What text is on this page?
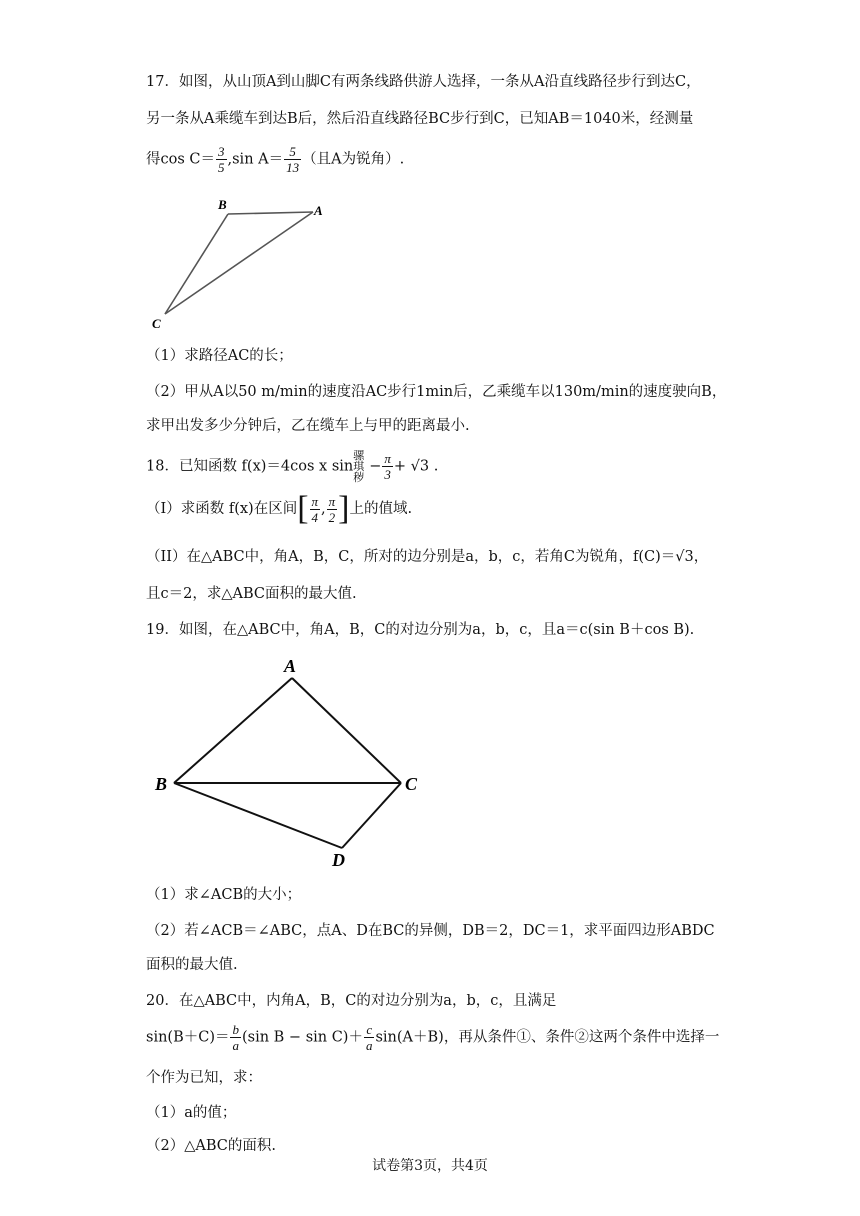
17．如图，从山顶A到山脚C有两条线路供游人选择，一条从A沿直线路径步行到达C，
另一条从A乘缆车到达B后，然后沿直线路径BC步行到C，已知AB＝1040米，经测量
得$\cos C= \frac{3}{5} ,\sin$ $A= \frac{5}{13}$ （且A为锐角）.
B	A
C
（1）求路径AC的长；
（2）甲从A以50 m/min的速度沿AC步行1min后，乙乘缆车以130m/min的速度驶向B，
求甲出发多少分钟后，乙在缆车上与甲的距离最小.
18．已知函数 f(x)＝4cos x sin骡 琪 秽− $\frac{\pi}{3} + √3$ .
（I）求函数 f(x)在区间[ $\frac{\pi}{4}$ , $\frac{\pi}{2}$ ]上的值域.
（II）在△ABC中，角A，B，C，所对的边分别是a，b，c，若角C为锐角，f(C)＝√3，
且c＝2，求△ABC面积的最大值.
19．如图，在△ABC中，角A，B，C的对边分别为a，b，c，且a＝c(sin B＋cos B).
A
B	C
D
（1）求∠ACB的大小；
（2）若∠ACB＝∠ABC，点A、D在BC的异侧，DB＝2，DC＝1，求平面四边形ABDC
面积的最大值.
20．在△ABC中，内角A，B，C的对边分别为a，b，c，且满足
$\sin(B+C)= \frac{b}{a} (\sin$ $B - \sin C)+ \frac{c}{a} \sin(A+B)$，再从条件①、条件②这两个条件中选择一
个作为已知，求：
（1）a的值；
（2）△ABC的面积.
试卷第3页，共4页
